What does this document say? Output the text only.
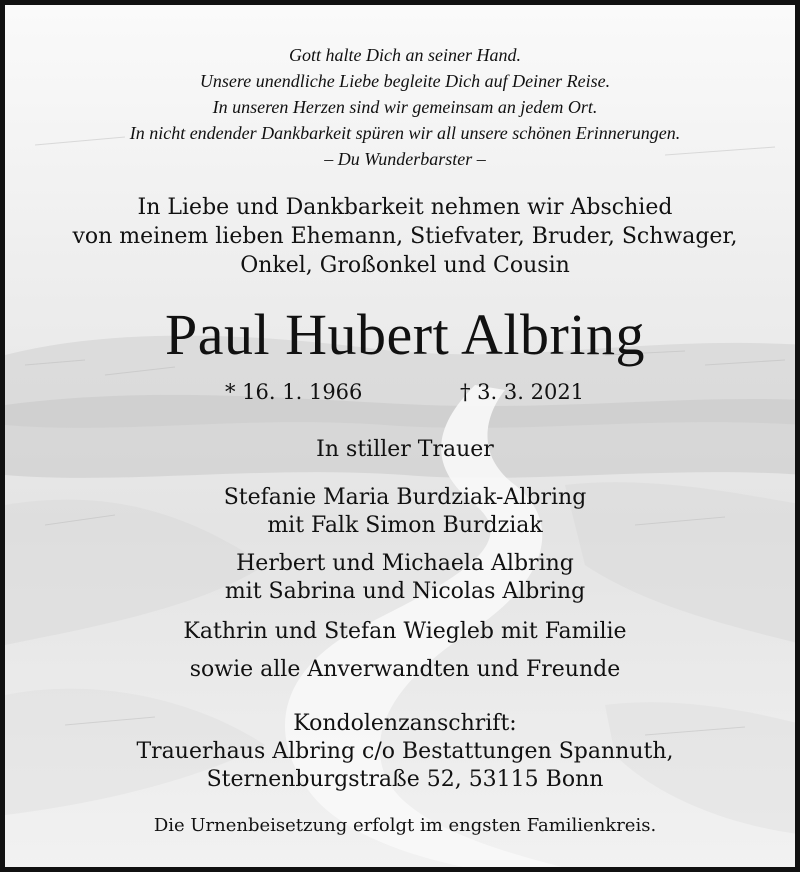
Gott halte Dich an seiner Hand.
Unsere unendliche Liebe begleite Dich auf Deiner Reise.
In unseren Herzen sind wir gemeinsam an jedem Ort.
In nicht endender Dankbarkeit spüren wir all unsere schönen Erinnerungen.
– Du Wunderbarster –
In Liebe und Dankbarkeit nehmen wir Abschied
von meinem lieben Ehemann, Stiefvater, Bruder, Schwager,
Onkel, Großonkel und Cousin
Paul Hubert Albring
* 16. 1. 1966	† 3. 3. 2021
In stiller Trauer
Stefanie Maria Burdziak-Albring
mit Falk Simon Burdziak
Herbert und Michaela Albring
mit Sabrina und Nicolas Albring
Kathrin und Stefan Wiegleb mit Familie
sowie alle Anverwandten und Freunde
Kondolenzanschrift:
Trauerhaus Albring c/o Bestattungen Spannuth,
Sternenburgstraße 52, 53115 Bonn
Die Urnenbeisetzung erfolgt im engsten Familienkreis.
